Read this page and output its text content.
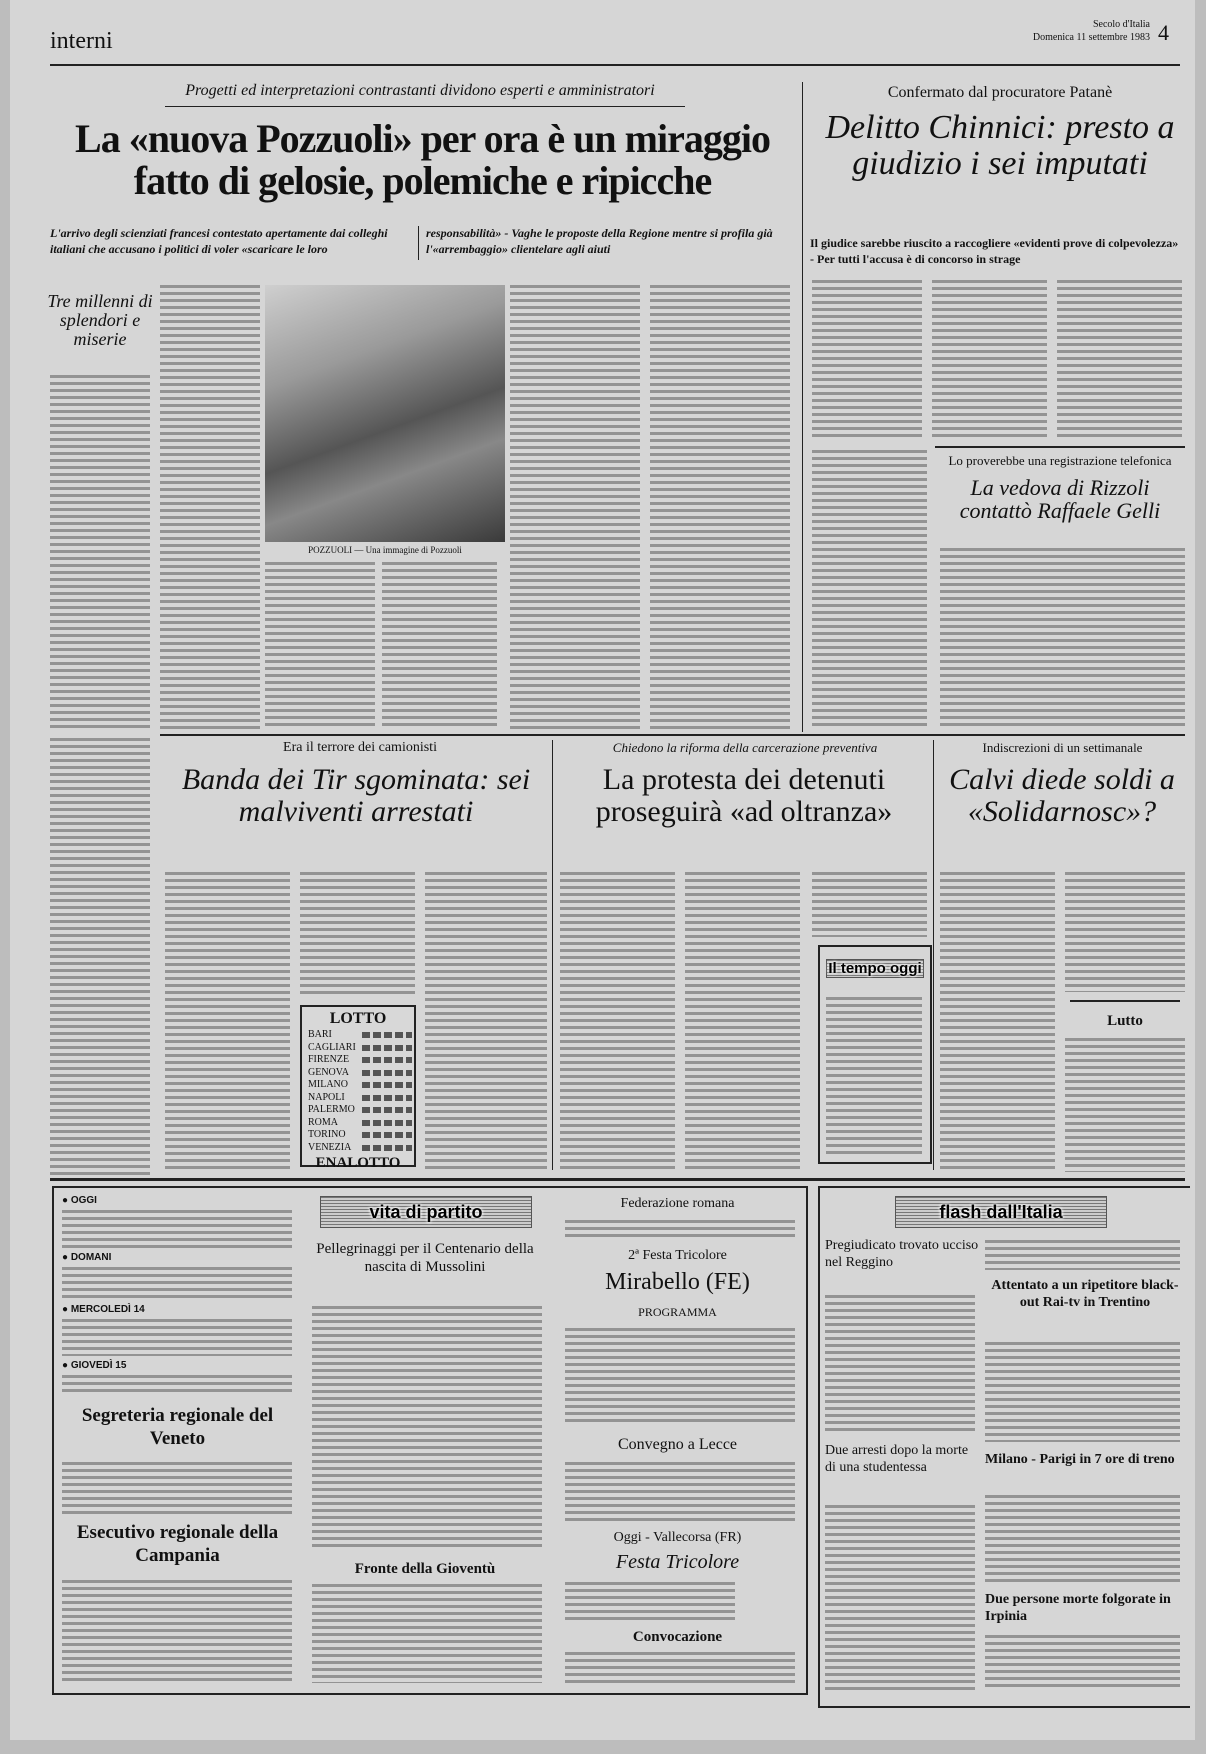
interni
Secolo d'Italia
Domenica 11 settembre 1983 4
Progetti ed interpretazioni contrastanti dividono esperti e amministratori
La «nuova Pozzuoli» per ora è un miraggio
fatto di gelosie, polemiche e ripicche
L'arrivo degli scienziati francesi contestato apertamente dai colleghi italiani che accusano i politici di voler «scaricare le loro
responsabilità» - Vaghe le proposte della Regione mentre si profila già l'«arrembaggio» clientelare agli aiuti
Tre millenni di splendori e miserie
POZZUOLI — Una immagine di Pozzuoli
Confermato dal procuratore Patanè
Delitto Chinnici: presto a giudizio i sei imputati
Il giudice sarebbe riuscito a raccogliere «evidenti prove di colpevolezza» - Per tutti l'accusa è di concorso in strage
Lo proverebbe una registrazione telefonica
La vedova di Rizzoli contattò Raffaele Gelli
Era il terrore dei camionisti
Banda dei Tir sgominata: sei malviventi arrestati
Chiedono la riforma della carcerazione preventiva
La protesta dei detenuti proseguirà «ad oltranza»
Indiscrezioni di un settimanale
Calvi diede soldi a «Solidarnosc»?
LOTTO
BARI	

CAGLIARI	

FIRENZE	

GENOVA	

MILANO	

NAPOLI	

PALERMO	

ROMA	

TORINO	

VENEZIA	
ENALOTTO
Il tempo oggi
Lutto
● OGGI
● DOMANI
● MERCOLEDÌ 14
● GIOVEDÌ 15
Segreteria regionale del Veneto
Esecutivo regionale della Campania
vita di partito
Pellegrinaggi per il Centenario della nascita di Mussolini
Fronte della Gioventù
Federazione romana
2ª Festa Tricolore
Mirabello (FE)
PROGRAMMA
Convegno a Lecce
Oggi - Vallecorsa (FR)
Festa Tricolore
Convocazione
flash dall'Italia
Pregiudicato trovato ucciso nel Reggino
Due arresti dopo la morte di una studentessa
Attentato a un ripetitore black-out Rai-tv in Trentino
Milano - Parigi in 7 ore di treno
Due persone morte folgorate in Irpinia
